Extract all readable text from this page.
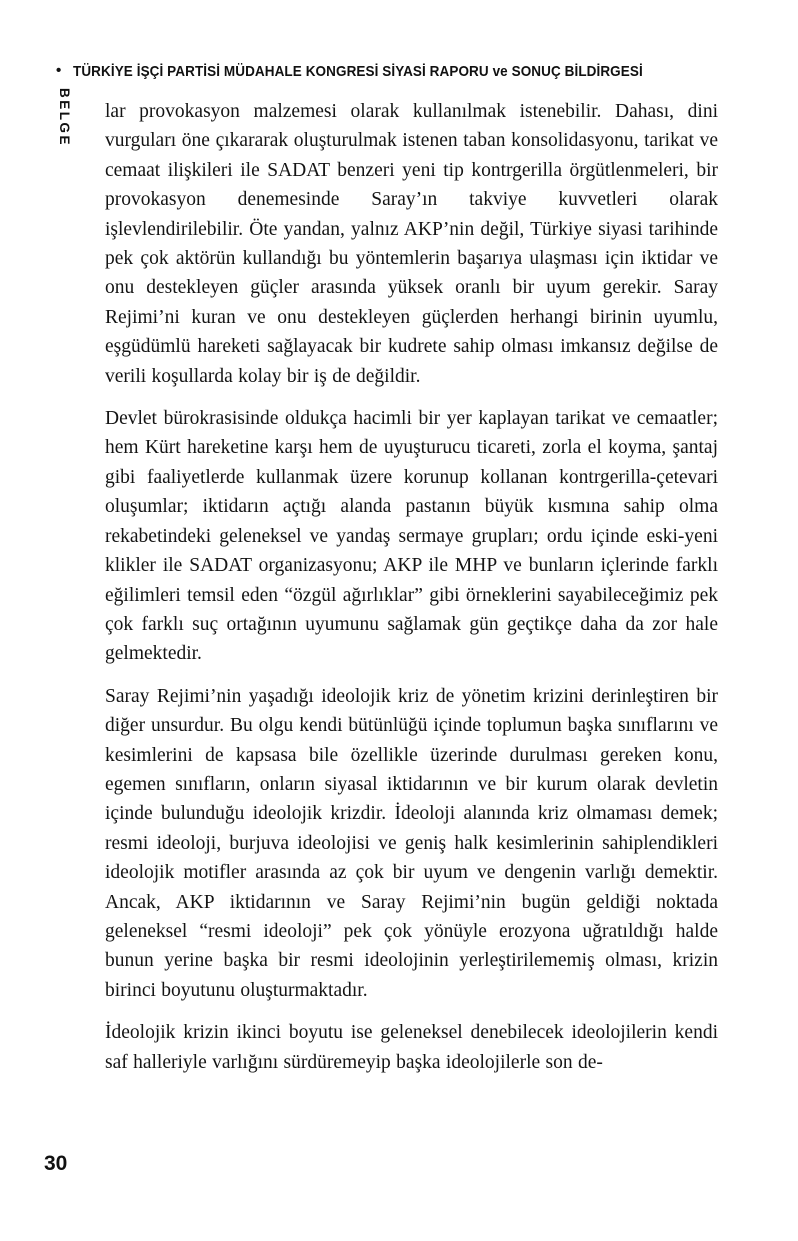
• TÜRKİYE İŞÇİ PARTİSİ MÜDAHALE KONGRESİ SİYASİ RAPORU ve SONUÇ BİLDİRGESİ
BELGE lar provokasyon malzemesi olarak kullanılmak istenebilir. Dahası, dini vurguları öne çıkararak oluşturulmak istenen taban konsolidasyonu, tarikat ve cemaat ilişkileri ile SADAT benzeri yeni tip kontrgerilla örgütlenmeleri, bir provokasyon denemesinde Saray’ın takviye kuvvetleri olarak işlevlendirilebilir. Öte yandan, yalnız AKP’nin değil, Türkiye siyasi tarihinde pek çok aktörün kullandığı bu yöntemlerin başarıya ulaşması için iktidar ve onu destekleyen güçler arasında yüksek oranlı bir uyum gerekir. Saray Rejimi’ni kuran ve onu destekleyen güçlerden herhangi birinin uyumlu, eşgüdümlü hareketi sağlayacak bir kudrete sahip olması imkansız değilse de verili koşullarda kolay bir iş de değildir.

Devlet bürokrasisinde oldukça hacimli bir yer kaplayan tarikat ve cemaatler; hem Kürt hareketine karşı hem de uyuşturucu ticareti, zorla el koyma, şantaj gibi faaliyetlerde kullanmak üzere korunup kollanan kontrgerilla-çetevari oluşumlar; iktidarın açtığı alanda pastanın büyük kısmına sahip olma rekabetindeki geleneksel ve yandaş sermaye grupları; ordu içinde eski-yeni klikler ile SADAT organizasyonu; AKP ile MHP ve bunların içlerinde farklı eğilimleri temsil eden “özgül ağırlıklar” gibi örneklerini sayabileceğimiz pek çok farklı suç ortağının uyumunu sağlamak gün geçtikçe daha da zor hale gelmektedir.

Saray Rejimi’nin yaşadığı ideolojik kriz de yönetim krizini derinleştiren bir diğer unsurdur. Bu olgu kendi bütünlüğü içinde toplumun başka sınıflarını ve kesimlerini de kapsasa bile özellikle üzerinde durulması gereken konu, egemen sınıfların, onların siyasal iktidarının ve bir kurum olarak devletin içinde bulunduğu ideolojik krizdir. İdeoloji alanında kriz olmaması demek; resmi ideoloji, burjuva ideolojisi ve geniş halk kesimlerinin sahiplendikleri ideolojik motifler arasında az çok bir uyum ve dengenin varlığı demektir. Ancak, AKP iktidarının ve Saray Rejimi’nin bugün geldiği noktada geleneksel “resmi ideoloji” pek çok yönüyle erozyona uğratıldığı halde bunun yerine başka bir resmi ideolojinin yerleştirilememiş olması, krizin birinci boyutunu oluşturmaktadır.

İdeolojik krizin ikinci boyutu ise geleneksel denebilecek ideolojilerin kendi saf halleriyle varlığını sürdüremeyip başka ideolojilerle son de-

30
